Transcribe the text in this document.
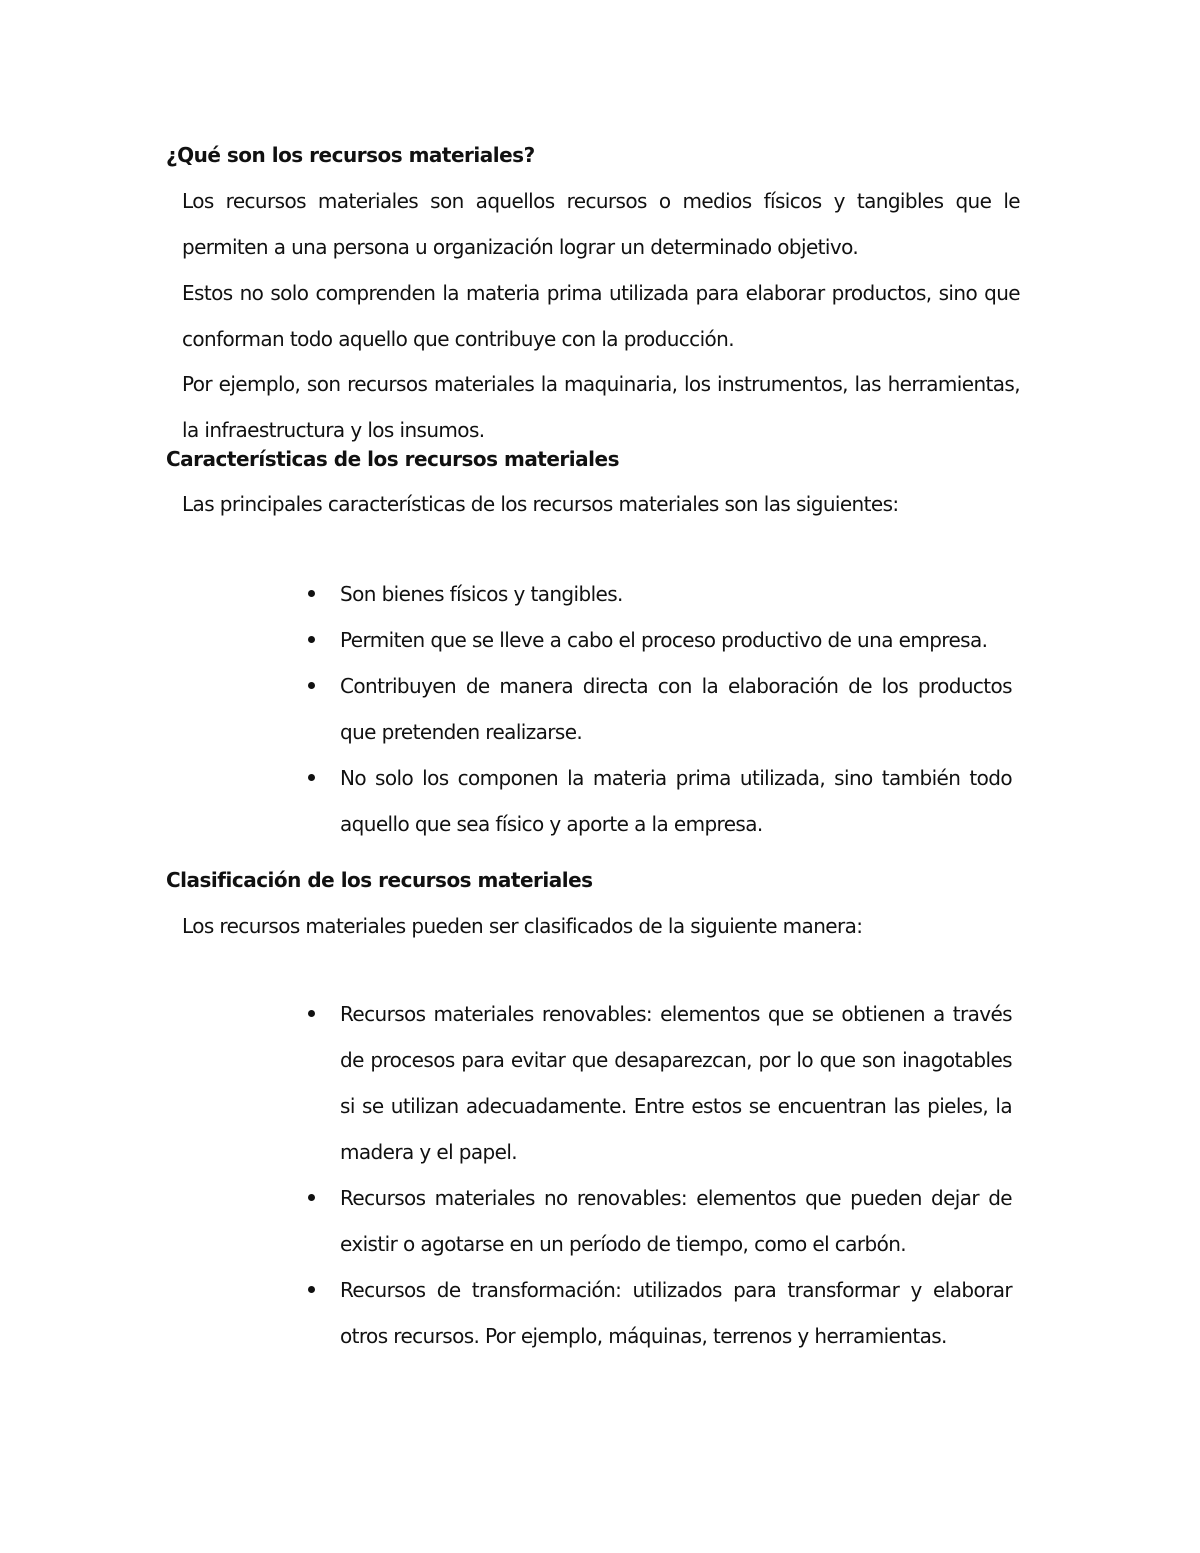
¿Qué son los recursos materiales?
Los recursos materiales son aquellos recursos o medios físicos y tangibles que le permiten a una persona u organización lograr un determinado objetivo.
Estos no solo comprenden la materia prima utilizada para elaborar productos, sino que conforman todo aquello que contribuye con la producción.
Por ejemplo, son recursos materiales la maquinaria, los instrumentos, las herramientas, la infraestructura y los insumos.
Características de los recursos materiales
Las principales características de los recursos materiales son las siguientes:
Son bienes físicos y tangibles.
Permiten que se lleve a cabo el proceso productivo de una empresa.
Contribuyen de manera directa con la elaboración de los productos que pretenden realizarse.
No solo los componen la materia prima utilizada, sino también todo aquello que sea físico y aporte a la empresa.
Clasificación de los recursos materiales
Los recursos materiales pueden ser clasificados de la siguiente manera:
Recursos materiales renovables: elementos que se obtienen a través de procesos para evitar que desaparezcan, por lo que son inagotables si se utilizan adecuadamente. Entre estos se encuentran las pieles, la madera y el papel.
Recursos materiales no renovables: elementos que pueden dejar de existir o agotarse en un período de tiempo, como el carbón.
Recursos de transformación: utilizados para transformar y elaborar otros recursos. Por ejemplo, máquinas, terrenos y herramientas.
